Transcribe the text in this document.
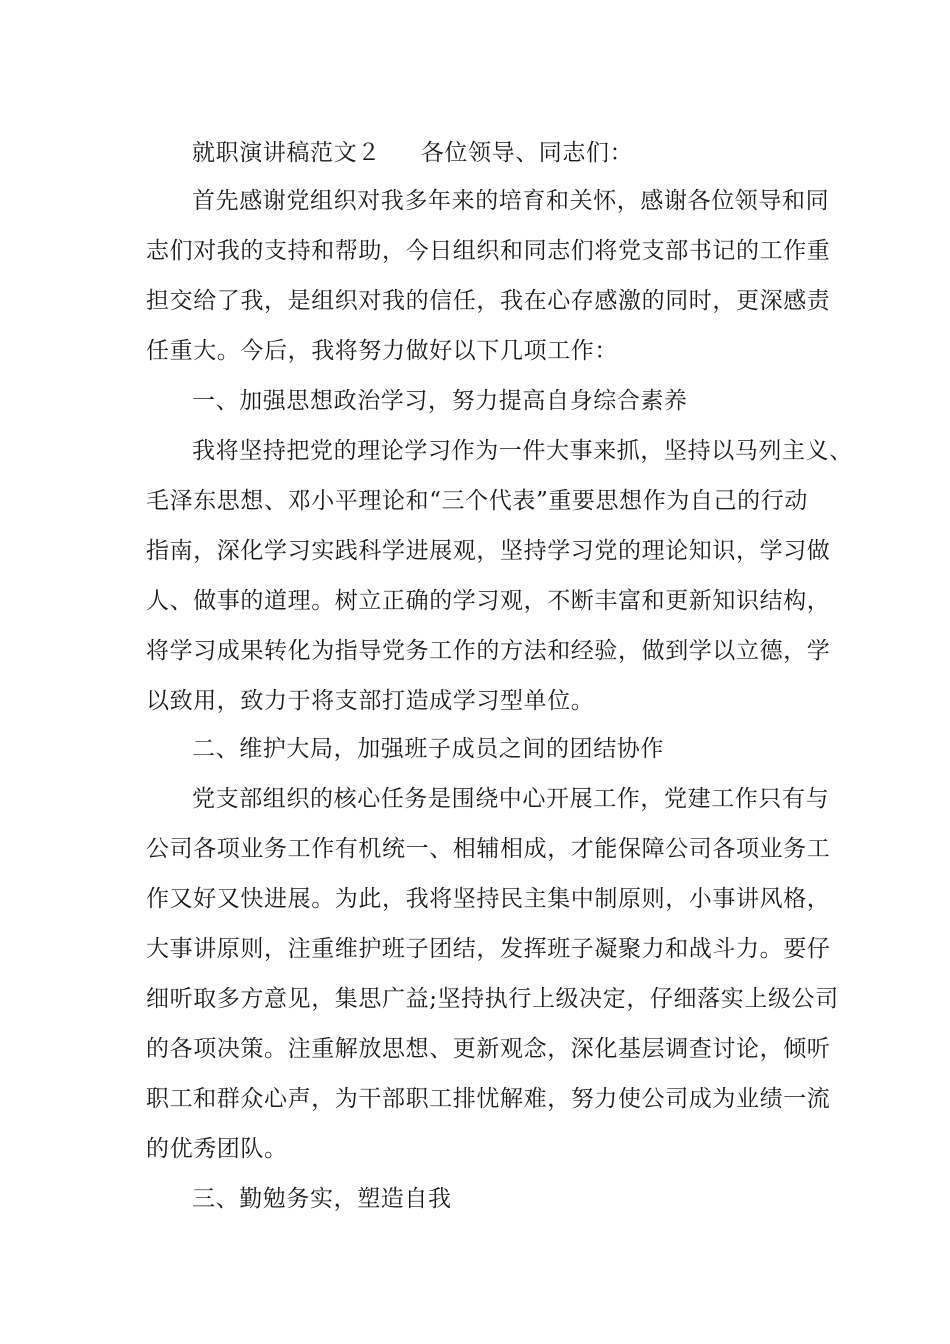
就职演讲稿范文２ 各位领导、同志们：
首先感谢党组织对我多年来的培育和关怀，感谢各位领导和同
志们对我的支持和帮助，今日组织和同志们将党支部书记的工作重
担交给了我，是组织对我的信任，我在心存感激的同时，更深感责
任重大。今后，我将努力做好以下几项工作：
一、加强思想政治学习，努力提高自身综合素养
我将坚持把党的理论学习作为一件大事来抓，坚持以马列主义、
毛泽东思想、邓小平理论和“三个代表”重要思想作为自己的行动
指南，深化学习实践科学进展观，坚持学习党的理论知识，学习做
人、做事的道理。树立正确的学习观，不断丰富和更新知识结构，
将学习成果转化为指导党务工作的方法和经验，做到学以立德，学
以致用，致力于将支部打造成学习型单位。
二、维护大局，加强班子成员之间的团结协作
党支部组织的核心任务是围绕中心开展工作，党建工作只有与
公司各项业务工作有机统一、相辅相成，才能保障公司各项业务工
作又好又快进展。为此，我将坚持民主集中制原则，小事讲风格，
大事讲原则，注重维护班子团结，发挥班子凝聚力和战斗力。要仔
细听取多方意见，集思广益;坚持执行上级决定，仔细落实上级公司
的各项决策。注重解放思想、更新观念，深化基层调查讨论，倾听
职工和群众心声，为干部职工排忧解难，努力使公司成为业绩一流
的优秀团队。
三、勤勉务实，塑造自我
